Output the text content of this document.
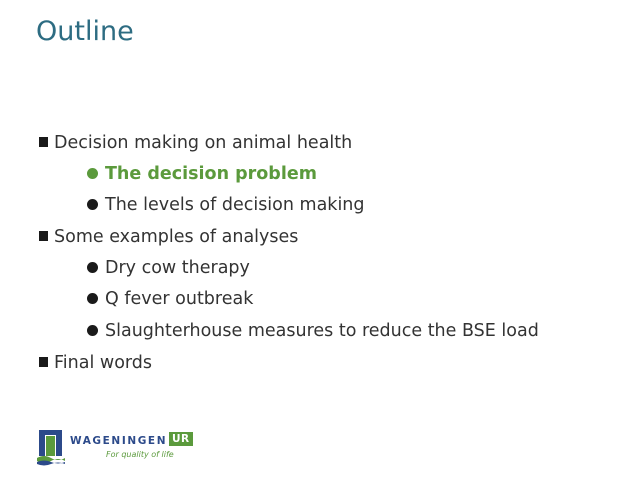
Outline
Decision making on animal health
The decision problem
The levels of decision making
Some examples of analyses
Dry cow therapy
Q fever outbreak
Slaughterhouse measures to reduce the BSE load
Final words
WAGENINGEN UR
For quality of life
